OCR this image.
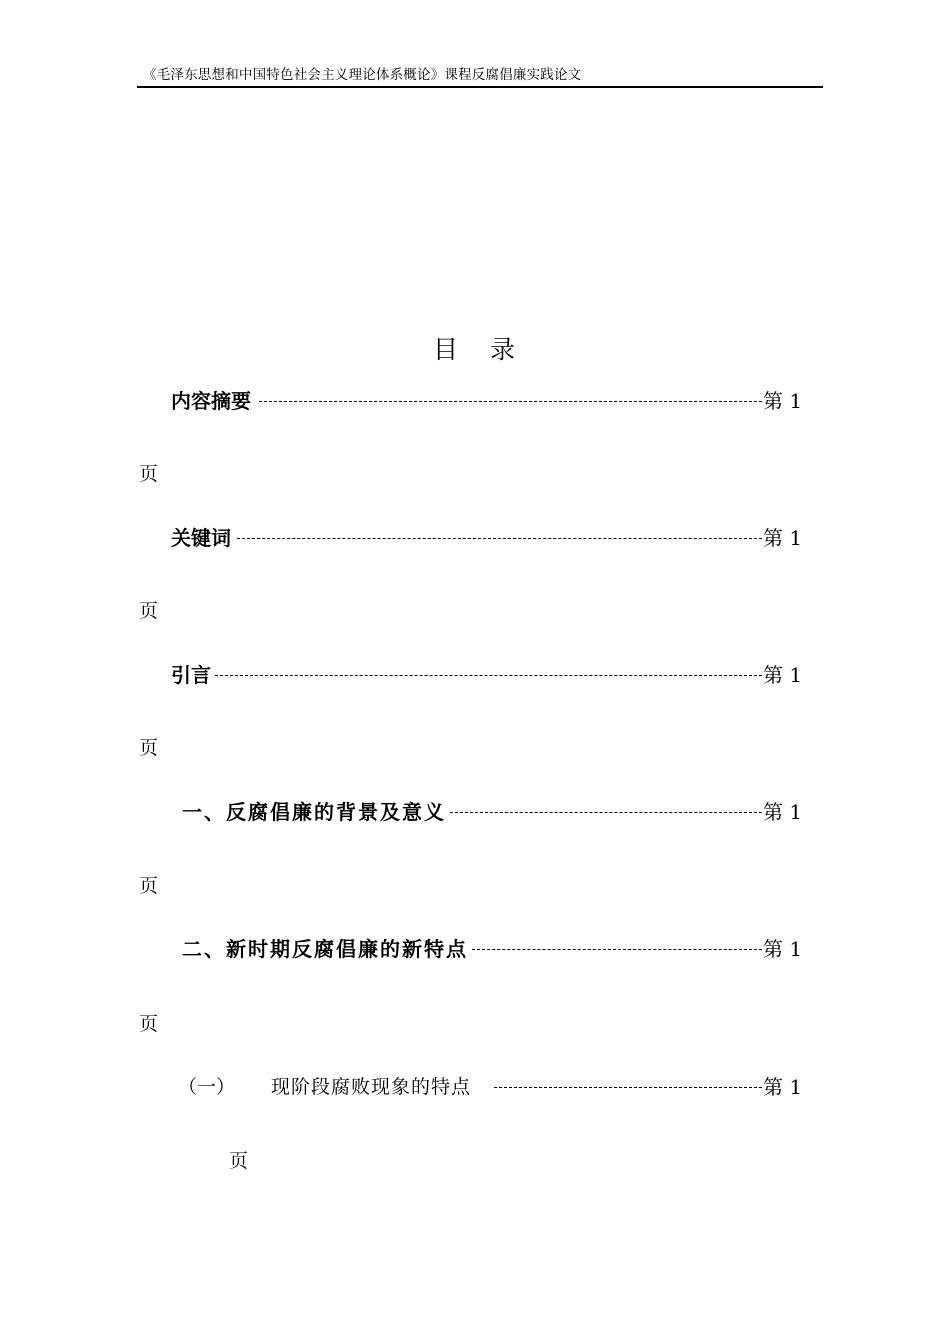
《毛泽东思想和中国特色社会主义理论体系概论》课程反腐倡廉实践论文
目 录
内容摘要	第 1
页
关键词	第 1
页
引言	第 1
页
一、反腐倡廉的背景及意义	第 1
页
二、新时期反腐倡廉的新特点	第 1
页
（一） 现阶段腐败现象的特点	第 1
页
